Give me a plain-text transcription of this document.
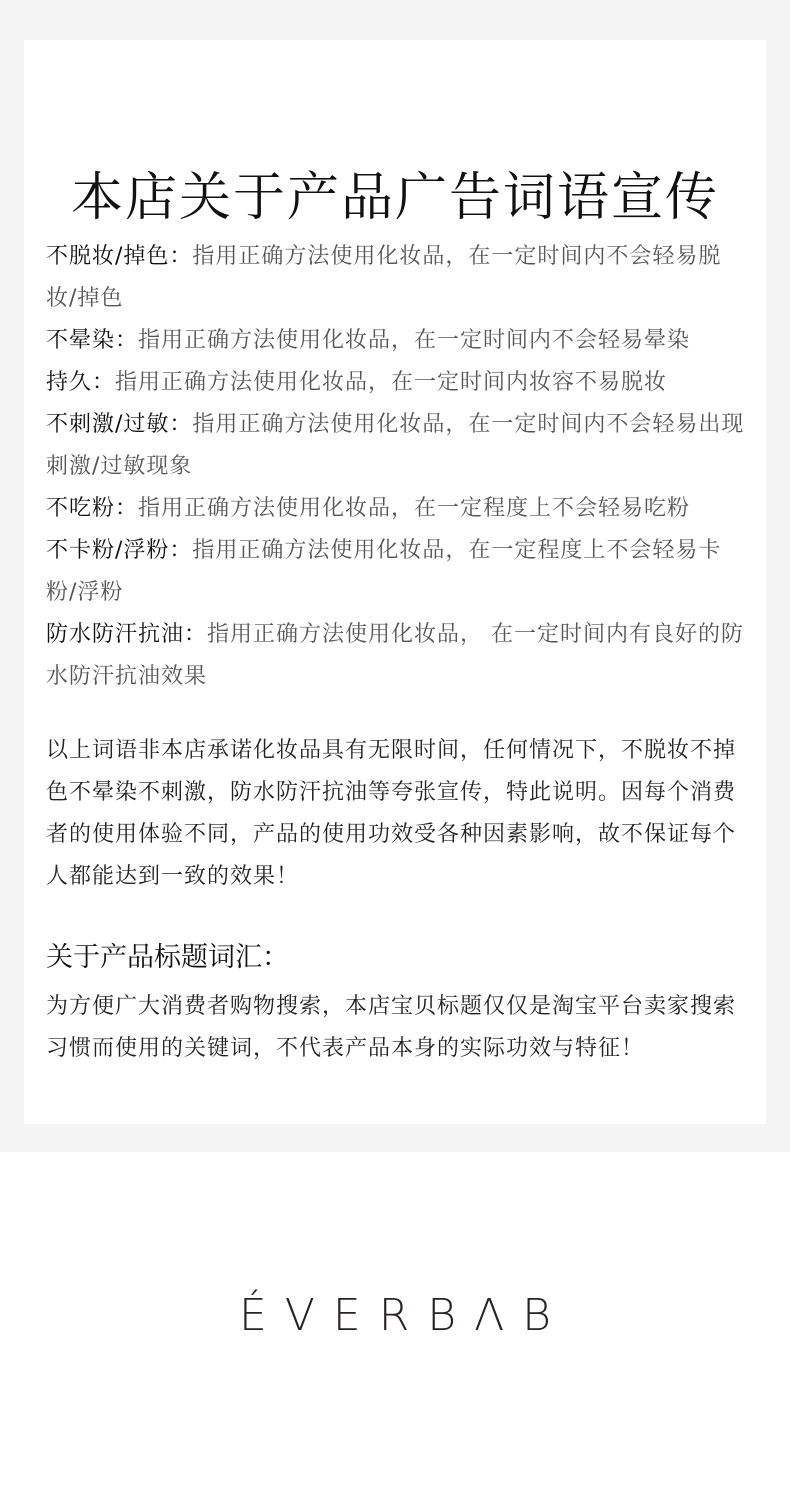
本店关于产品广告词语宣传

不脱妆/掉色：指用正确方法使用化妆品，在一定时间内不会轻易脱妆/掉色

不晕染：指用正确方法使用化妆品，在一定时间内不会轻易晕染

持久：指用正确方法使用化妆品，在一定时间内妆容不易脱妆

不刺激/过敏：指用正确方法使用化妆品，在一定时间内不会轻易出现刺激/过敏现象

不吃粉：指用正确方法使用化妆品，在一定程度上不会轻易吃粉

不卡粉/浮粉：指用正确方法使用化妆品，在一定程度上不会轻易卡粉/浮粉

防水防汗抗油：指用正确方法使用化妆品， 在一定时间内有良好的防水防汗抗油效果

以上词语非本店承诺化妆品具有无限时间，任何情况下，不脱妆不掉色不晕染不刺激，防水防汗抗油等夸张宣传，特此说明。因每个消费者的使用体验不同，产品的使用功效受各种因素影响，故不保证每个人都能达到一致的效果！

关于产品标题词汇：

为方便广大消费者购物搜索，本店宝贝标题仅仅是淘宝平台卖家搜索习惯而使用的关键词，不代表产品本身的实际功效与特征！

ÉVERBΛB
